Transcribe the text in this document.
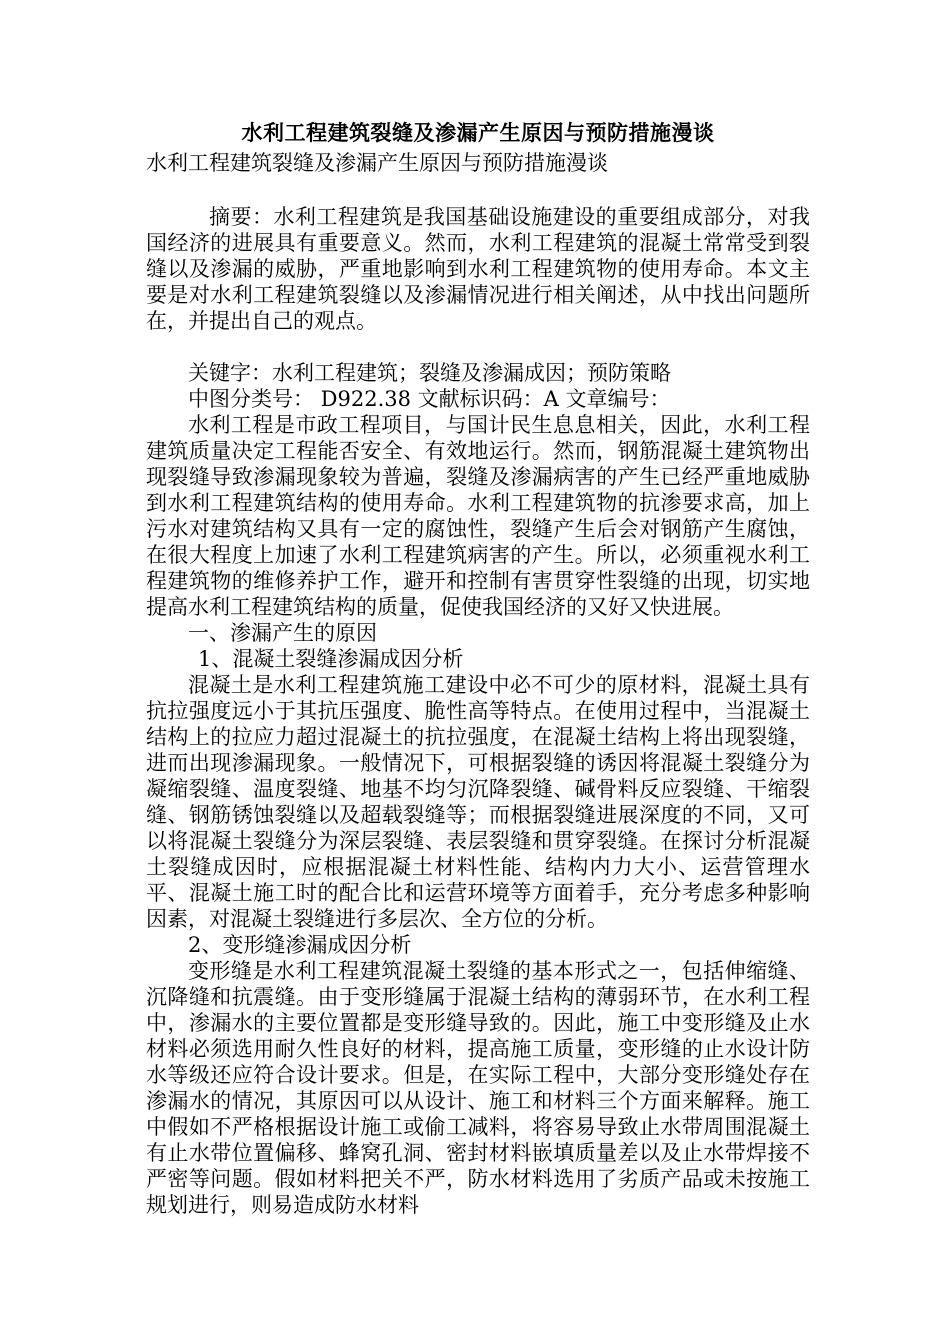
水利工程建筑裂缝及渗漏产生原因与预防措施漫谈

水利工程建筑裂缝及渗漏产生原因与预防措施漫谈

摘要：水利工程建筑是我国基础设施建设的重要组成部分，对我国经济的进展具有重要意义。然而，水利工程建筑的混凝土常常受到裂缝以及渗漏的威胁，严重地影响到水利工程建筑物的使用寿命。本文主要是对水利工程建筑裂缝以及渗漏情况进行相关阐述，从中找出问题所在，并提出自己的观点。

关键字：水利工程建筑；裂缝及渗漏成因；预防策略

中图分类号： D922.38 文献标识码：A 文章编号：

水利工程是市政工程项目，与国计民生息息相关，因此，水利工程建筑质量决定工程能否安全、有效地运行。然而，钢筋混凝土建筑物出现裂缝导致渗漏现象较为普遍，裂缝及渗漏病害的产生已经严重地威胁到水利工程建筑结构的使用寿命。水利工程建筑物的抗渗要求高，加上污水对建筑结构又具有一定的腐蚀性，裂缝产生后会对钢筋产生腐蚀，在很大程度上加速了水利工程建筑病害的产生。所以，必须重视水利工程建筑物的维修养护工作，避开和控制有害贯穿性裂缝的出现，切实地提高水利工程建筑结构的质量，促使我国经济的又好又快进展。

一、渗漏产生的原因

1、混凝土裂缝渗漏成因分析

混凝土是水利工程建筑施工建设中必不可少的原材料，混凝土具有抗拉强度远小于其抗压强度、脆性高等特点。在使用过程中，当混凝土结构上的拉应力超过混凝土的抗拉强度，在混凝土结构上将出现裂缝，进而出现渗漏现象。一般情况下，可根据裂缝的诱因将混凝土裂缝分为凝缩裂缝、温度裂缝、地基不均匀沉降裂缝、碱骨料反应裂缝、干缩裂缝、钢筋锈蚀裂缝以及超载裂缝等；而根据裂缝进展深度的不同，又可以将混凝土裂缝分为深层裂缝、表层裂缝和贯穿裂缝。在探讨分析混凝土裂缝成因时，应根据混凝土材料性能、结构内力大小、运营管理水平、混凝土施工时的配合比和运营环境等方面着手，充分考虑多种影响因素，对混凝土裂缝进行多层次、全方位的分析。

2、变形缝渗漏成因分析

变形缝是水利工程建筑混凝土裂缝的基本形式之一，包括伸缩缝、沉降缝和抗震缝。由于变形缝属于混凝土结构的薄弱环节，在水利工程中，渗漏水的主要位置都是变形缝导致的。因此，施工中变形缝及止水材料必须选用耐久性良好的材料，提高施工质量，变形缝的止水设计防水等级还应符合设计要求。但是，在实际工程中，大部分变形缝处存在渗漏水的情况，其原因可以从设计、施工和材料三个方面来解释。施工中假如不严格根据设计施工或偷工减料，将容易导致止水带周围混凝土有止水带位置偏移、蜂窝孔洞、密封材料嵌填质量差以及止水带焊接不严密等问题。假如材料把关不严，防水材料选用了劣质产品或未按施工规划进行，则易造成防水材料
